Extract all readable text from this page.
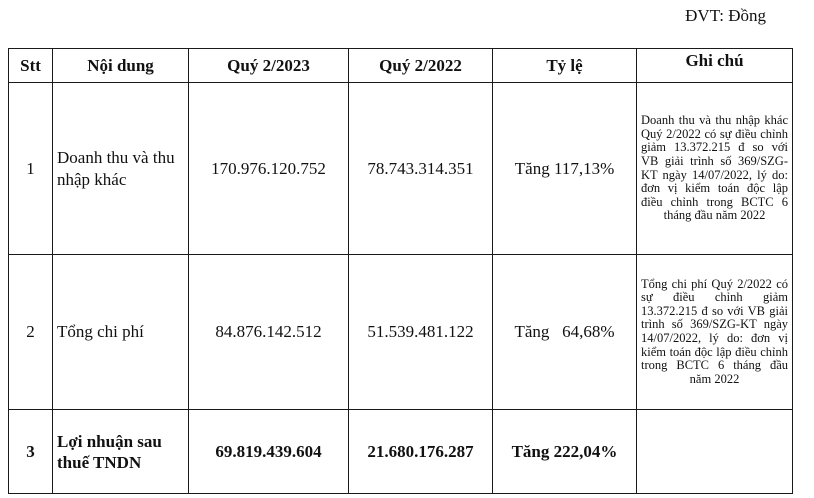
ĐVT: Đồng
Stt	Nội dung	Quý 2/2023	Quý 2/2022	Tỷ lệ	Ghi chú
1	Doanh thu và thu nhập khác	170.976.120.752	78.743.314.351	Tăng 117,13%	Doanh thu và thu nhập khác Quý 2/2022 có sự điều chỉnh giảm 13.372.215 đ so với VB giải trình số 369/SZG-KT ngày 14/07/2022, lý do: đơn vị kiểm toán độc lập điều chỉnh trong BCTC 6 tháng đầu năm 2022
2	Tổng chi phí	84.876.142.512	51.539.481.122	Tăng   64,68%	Tổng chi phí Quý 2/2022 có sự điều chỉnh giảm 13.372.215 đ so với VB giải trình số 369/SZG-KT ngày 14/07/2022, lý do: đơn vị kiểm toán độc lập điều chỉnh trong BCTC 6 tháng đầu năm 2022
3	Lợi nhuận sau thuế TNDN	69.819.439.604	21.680.176.287	Tăng 222,04%	
